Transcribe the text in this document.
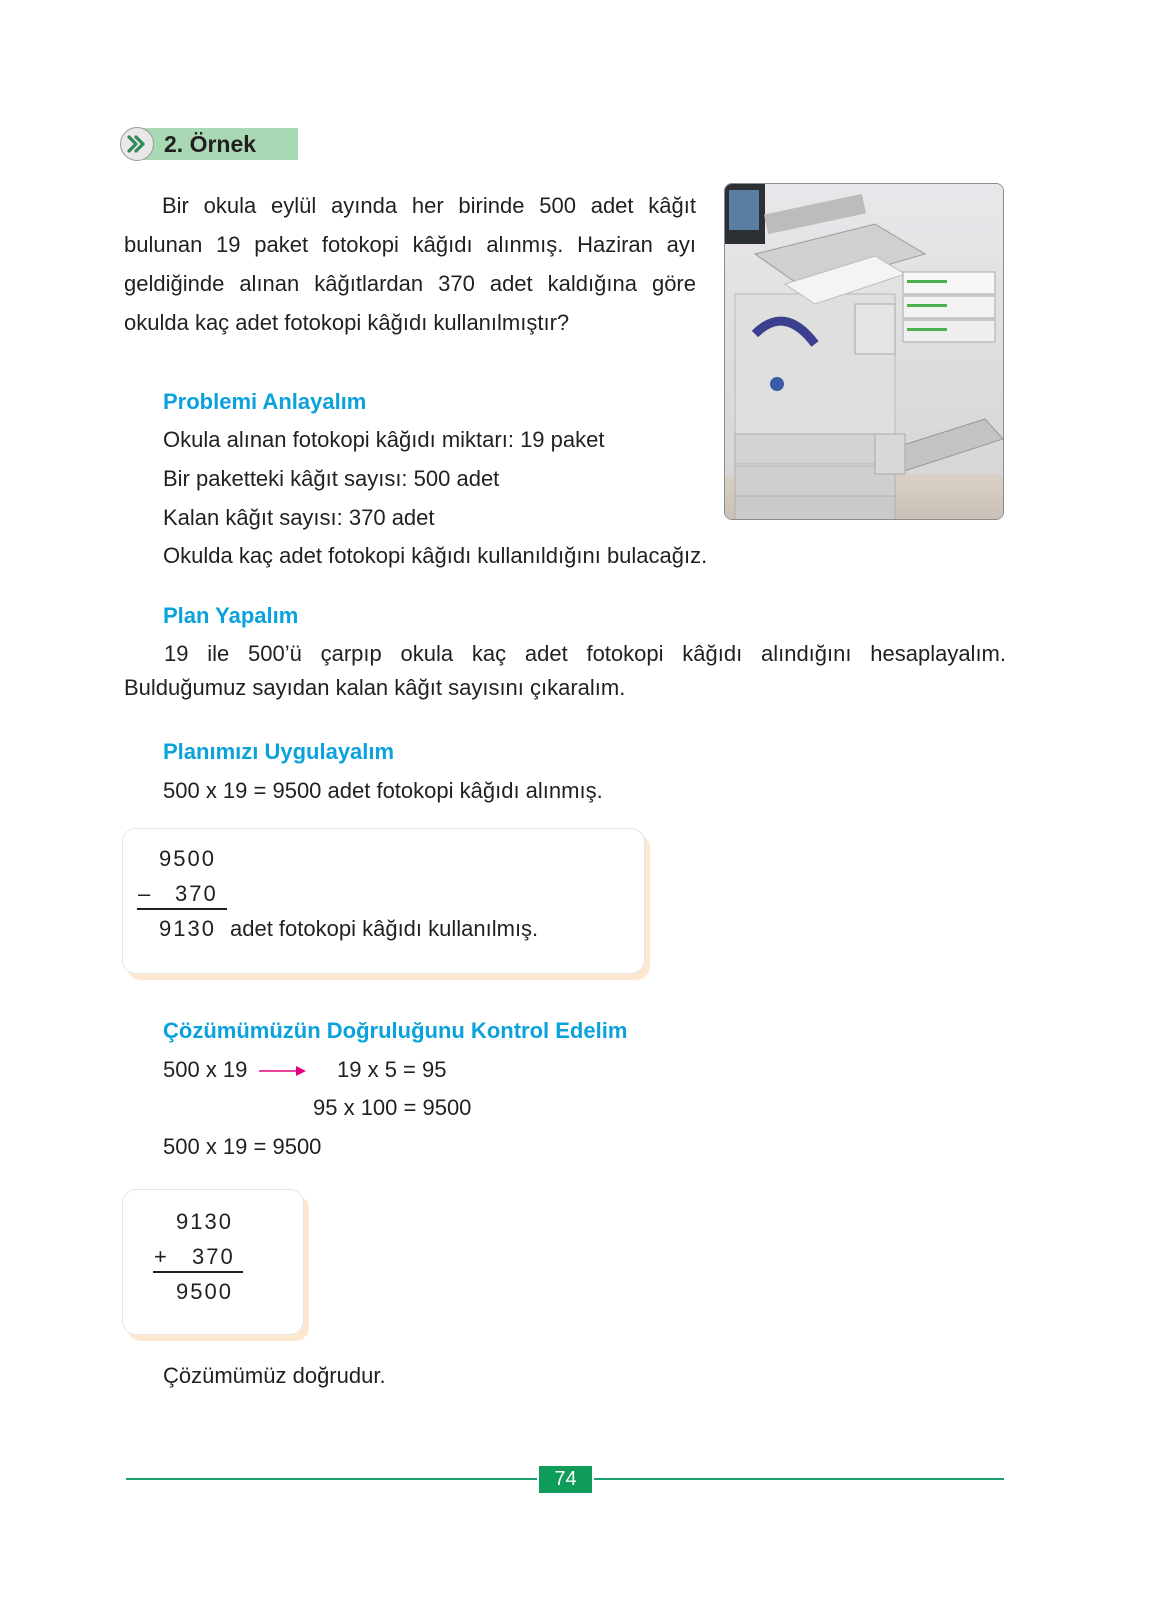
2. Örnek
Bir okula eylül ayında her birinde 500 adet kâğıt
bulunan 19 paket fotokopi kâğıdı alınmış. Haziran ayı
geldiğinde alınan kâğıtlardan 370 adet kaldığına göre
okulda kaç adet fotokopi kâğıdı kullanılmıştır?
Problemi Anlayalım
Okula alınan fotokopi kâğıdı miktarı: 19 paket
Bir paketteki kâğıt sayısı: 500 adet
Kalan kâğıt sayısı: 370 adet
Okulda kaç adet fotokopi kâğıdı kullanıldığını bulacağız.
Plan Yapalım
19 ile 500’ü çarpıp okula kaç adet fotokopi kâğıdı alındığını hesaplayalım.
Bulduğumuz sayıdan kalan kâğıt sayısını çıkaralım.
Planımızı Uygulayalım
500 x 19 = 9500 adet fotokopi kâğıdı alınmış.
9500
– 370
9130 adet fotokopi kâğıdı kullanılmış.
Çözümümüzün Doğruluğunu Kontrol Edelim
500 x 19	19 x 5 = 95
95 x 100 = 9500
500 x 19 = 9500
9130
+ 370
9500
Çözümümüz doğrudur.
74
